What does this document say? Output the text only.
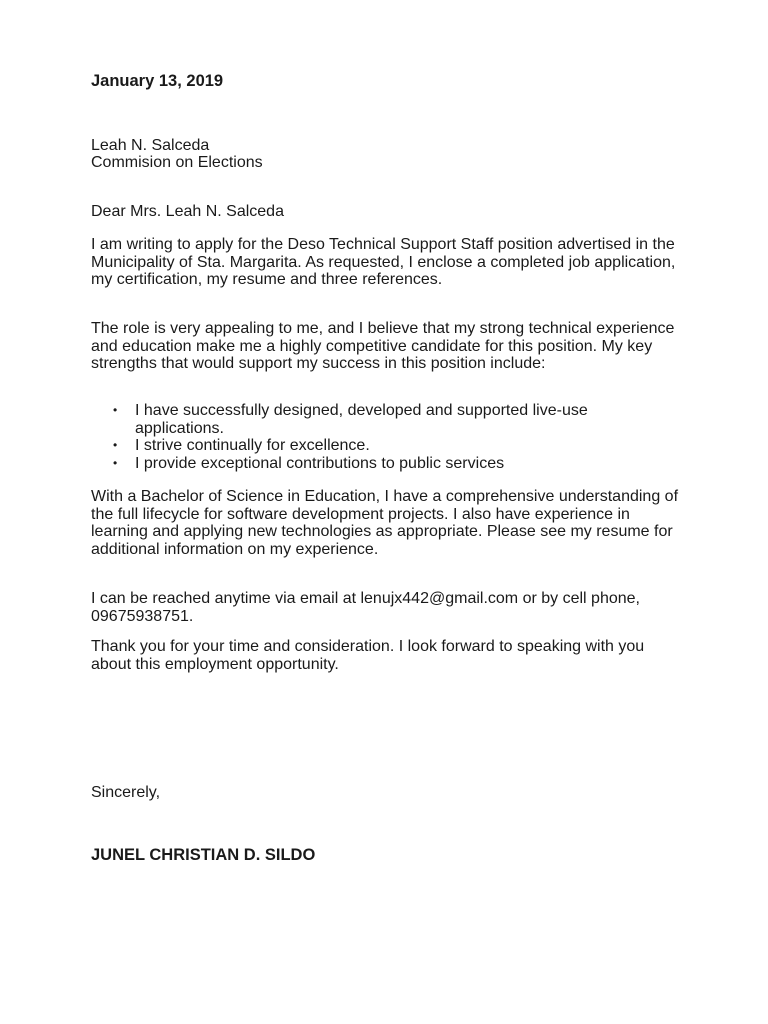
January 13, 2019

Leah N. Salceda

Commision on Elections

Dear Mrs. Leah N. Salceda

I am writing to apply for the Deso Technical Support Staff position advertised in the Municipality of Sta. Margarita. As requested, I enclose a completed job application, my certification, my resume and three references.

The role is very appealing to me, and I believe that my strong technical experience and education make me a highly competitive candidate for this position. My key strengths that would support my success in this position include:

• I have successfully designed, developed and supported live-use applications.
• I strive continually for excellence.
• I provide exceptional contributions to public services

With a Bachelor of Science in Education, I have a comprehensive understanding of the full lifecycle for software development projects. I also have experience in learning and applying new technologies as appropriate. Please see my resume for additional information on my experience.

I can be reached anytime via email at lenujx442@gmail.com or by cell phone, 09675938751.

Thank you for your time and consideration. I look forward to speaking with you about this employment opportunity.

Sincerely,

JUNEL CHRISTIAN D. SILDO
